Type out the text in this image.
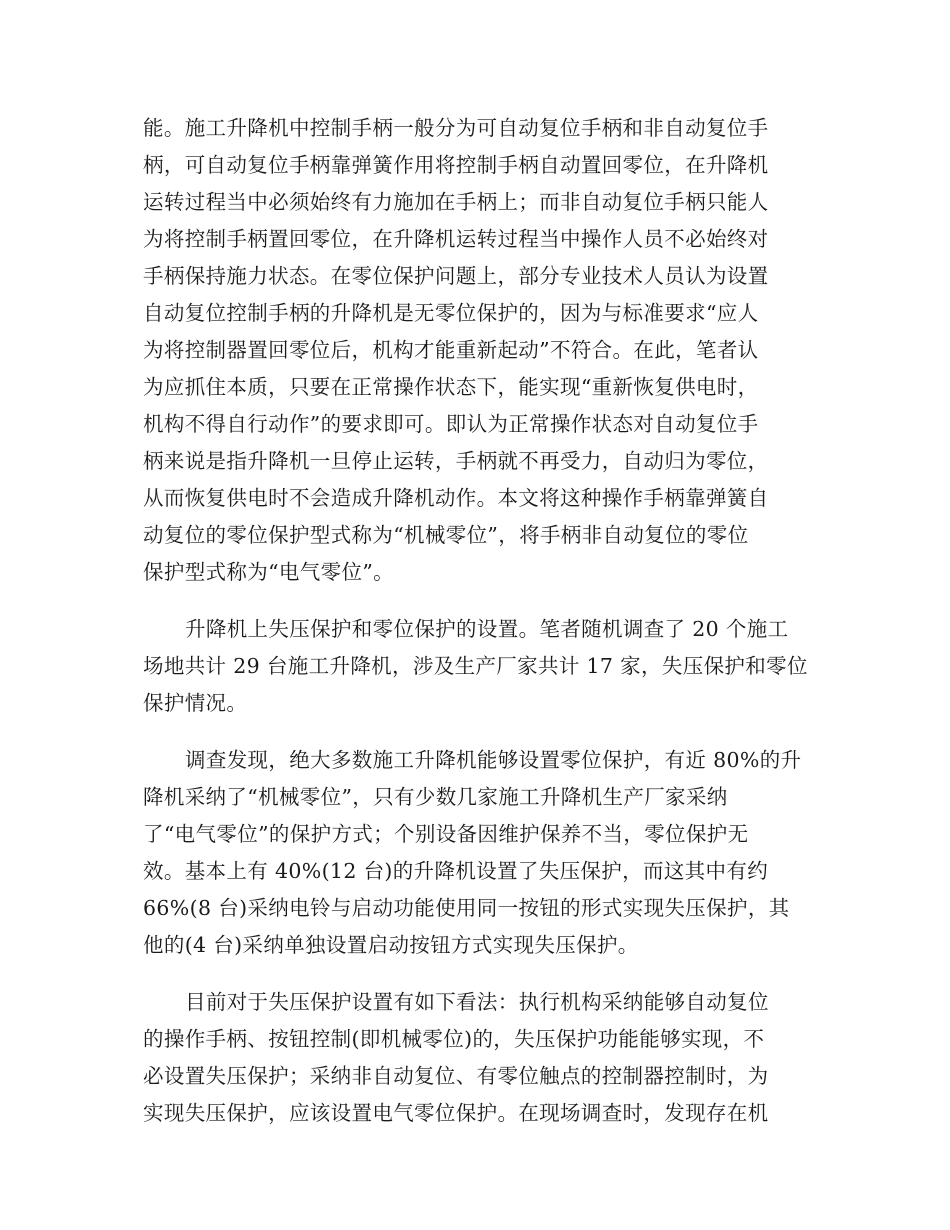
能。施工升降机中控制手柄一般分为可自动复位手柄和非自动复位手
柄，可自动复位手柄靠弹簧作用将控制手柄自动置回零位，在升降机
运转过程当中必须始终有力施加在手柄上；而非自动复位手柄只能人
为将控制手柄置回零位，在升降机运转过程当中操作人员不必始终对
手柄保持施力状态。在零位保护问题上，部分专业技术人员认为设置
自动复位控制手柄的升降机是无零位保护的，因为与标准要求“应人
为将控制器置回零位后，机构才能重新起动”不符合。在此，笔者认
为应抓住本质，只要在正常操作状态下，能实现“重新恢复供电时，
机构不得自行动作”的要求即可。即认为正常操作状态对自动复位手
柄来说是指升降机一旦停止运转，手柄就不再受力，自动归为零位，
从而恢复供电时不会造成升降机动作。本文将这种操作手柄靠弹簧自
动复位的零位保护型式称为“机械零位”，将手柄非自动复位的零位
保护型式称为“电气零位”。
升降机上失压保护和零位保护的设置。笔者随机调查了 20 个施工
场地共计 29 台施工升降机，涉及生产厂家共计 17 家，失压保护和零位
保护情况。
调查发现，绝大多数施工升降机能够设置零位保护，有近 80%的升
降机采纳了“机械零位”，只有少数几家施工升降机生产厂家采纳
了“电气零位”的保护方式；个别设备因维护保养不当，零位保护无
效。基本上有 40%(12 台)的升降机设置了失压保护，而这其中有约
66%(8 台)采纳电铃与启动功能使用同一按钮的形式实现失压保护，其
他的(4 台)采纳单独设置启动按钮方式实现失压保护。
目前对于失压保护设置有如下看法：执行机构采纳能够自动复位
的操作手柄、按钮控制(即机械零位)的，失压保护功能能够实现，不
必设置失压保护；采纳非自动复位、有零位触点的控制器控制时，为
实现失压保护，应该设置电气零位保护。在现场调查时，发现存在机
